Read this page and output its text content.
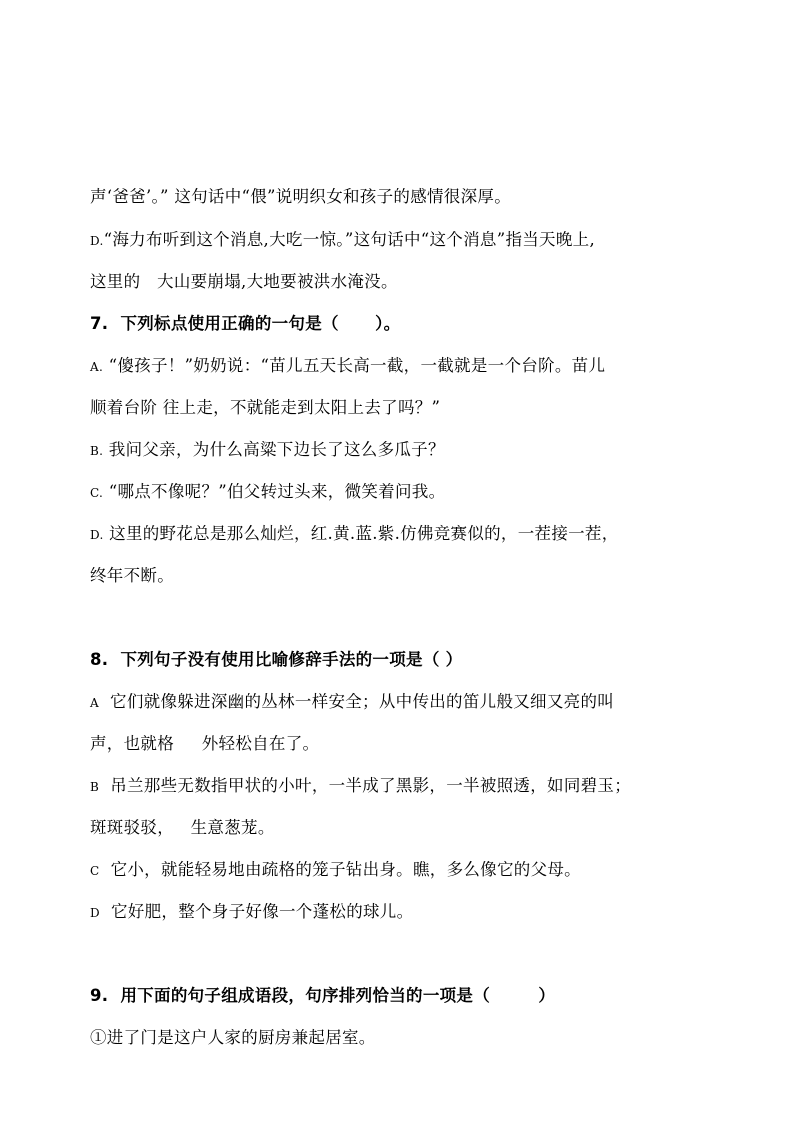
声‘爸爸’。” 这句话中“偎”说明织女和孩子的感情很深厚。
D.“海力布听到这个消息,大吃一惊。”这句话中“这个消息”指当天晚上,
这里的   大山要崩塌,大地要被洪水淹没。
7.  下列标点使用正确的一句是（      ）。
A. “傻孩子！”奶奶说：“苗儿五天长高一截，一截就是一个台阶。苗儿
顺着台阶 往上走，不就能走到太阳上去了吗？”
B. 我问父亲，为什么高粱下边长了这么多瓜子？
C. “哪点不像呢？”伯父转过头来，微笑着问我。
D. 这里的野花总是那么灿烂，红.黄.蓝.紫.仿佛竞赛似的，一茬接一茬，
终年不断。
8.  下列句子没有使用比喻修辞手法的一项是（ ）
A  它们就像躲进深幽的丛林一样安全；从中传出的笛儿般又细又亮的叫
声，也就格     外轻松自在了。
B  吊兰那些无数指甲状的小叶，一半成了黑影，一半被照透，如同碧玉；
斑斑驳驳，   生意葱茏。
C  它小，就能轻易地由疏格的笼子钻出身。瞧，多么像它的父母。
D  它好肥，整个身子好像一个蓬松的球儿。
9.  用下面的句子组成语段，句序排列恰当的一项是（        ）
①进了门是这户人家的厨房兼起居室。
